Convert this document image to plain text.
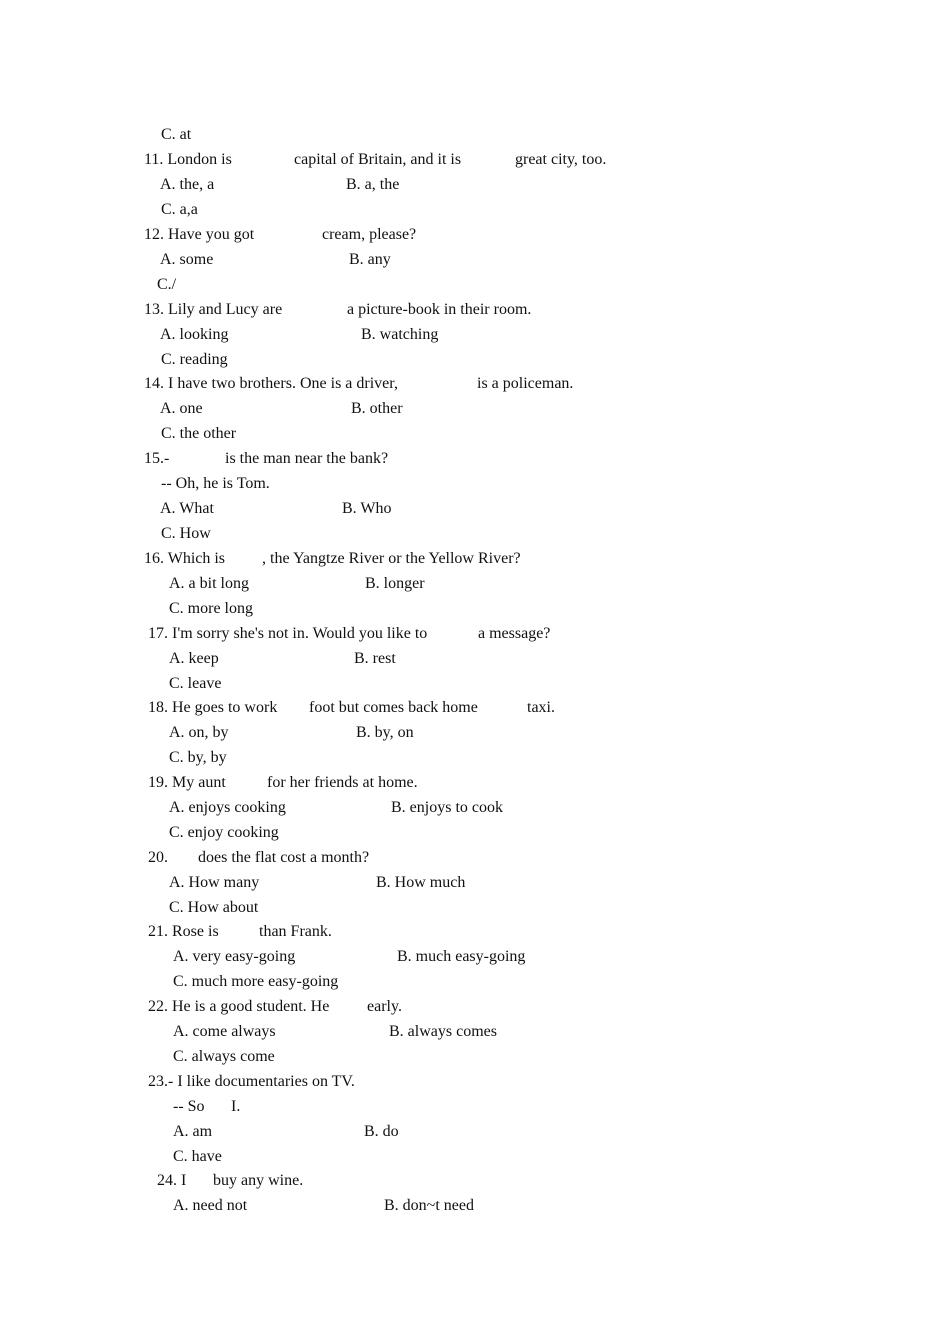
C. at
11. London is	capital of Britain, and it is	great city, too.
A. the, a	B. a, the
C. a,a
12. Have you got	cream, please?
A. some	B. any
C./
13. Lily and Lucy are	a picture-book in their room.
A. looking	B. watching
C. reading
14. I have two brothers. One is a driver,	is a policeman.
A. one	B. other
C. the other
15.-	is the man near the bank?
-- Oh, he is Tom.
A. What	B. Who
C. How
16. Which is , the Yangtze River or the Yellow River?
A. a bit long	B. longer
C. more long
17. I'm sorry she's not in. Would you like to	a message?
A. keep	B. rest
C. leave
18. He goes to work foot but comes back home	taxi.
A. on, by	B. by, on
C. by, by
19. My aunt	for her friends at home.
A. enjoys cooking	B. enjoys to cook
C. enjoy cooking
20. does the flat cost a month?
A. How many	B. How much
C. How about
21. Rose is	than Frank.
A. very easy-going	B. much easy-going
C. much more easy-going
22. He is a good student. He early.
A. come always	B. always comes
C. always come
23.- I like documentaries on TV.
-- So I.
A. am	B. do
C. have
24. I buy any wine.
A. need not	B. don~t need
